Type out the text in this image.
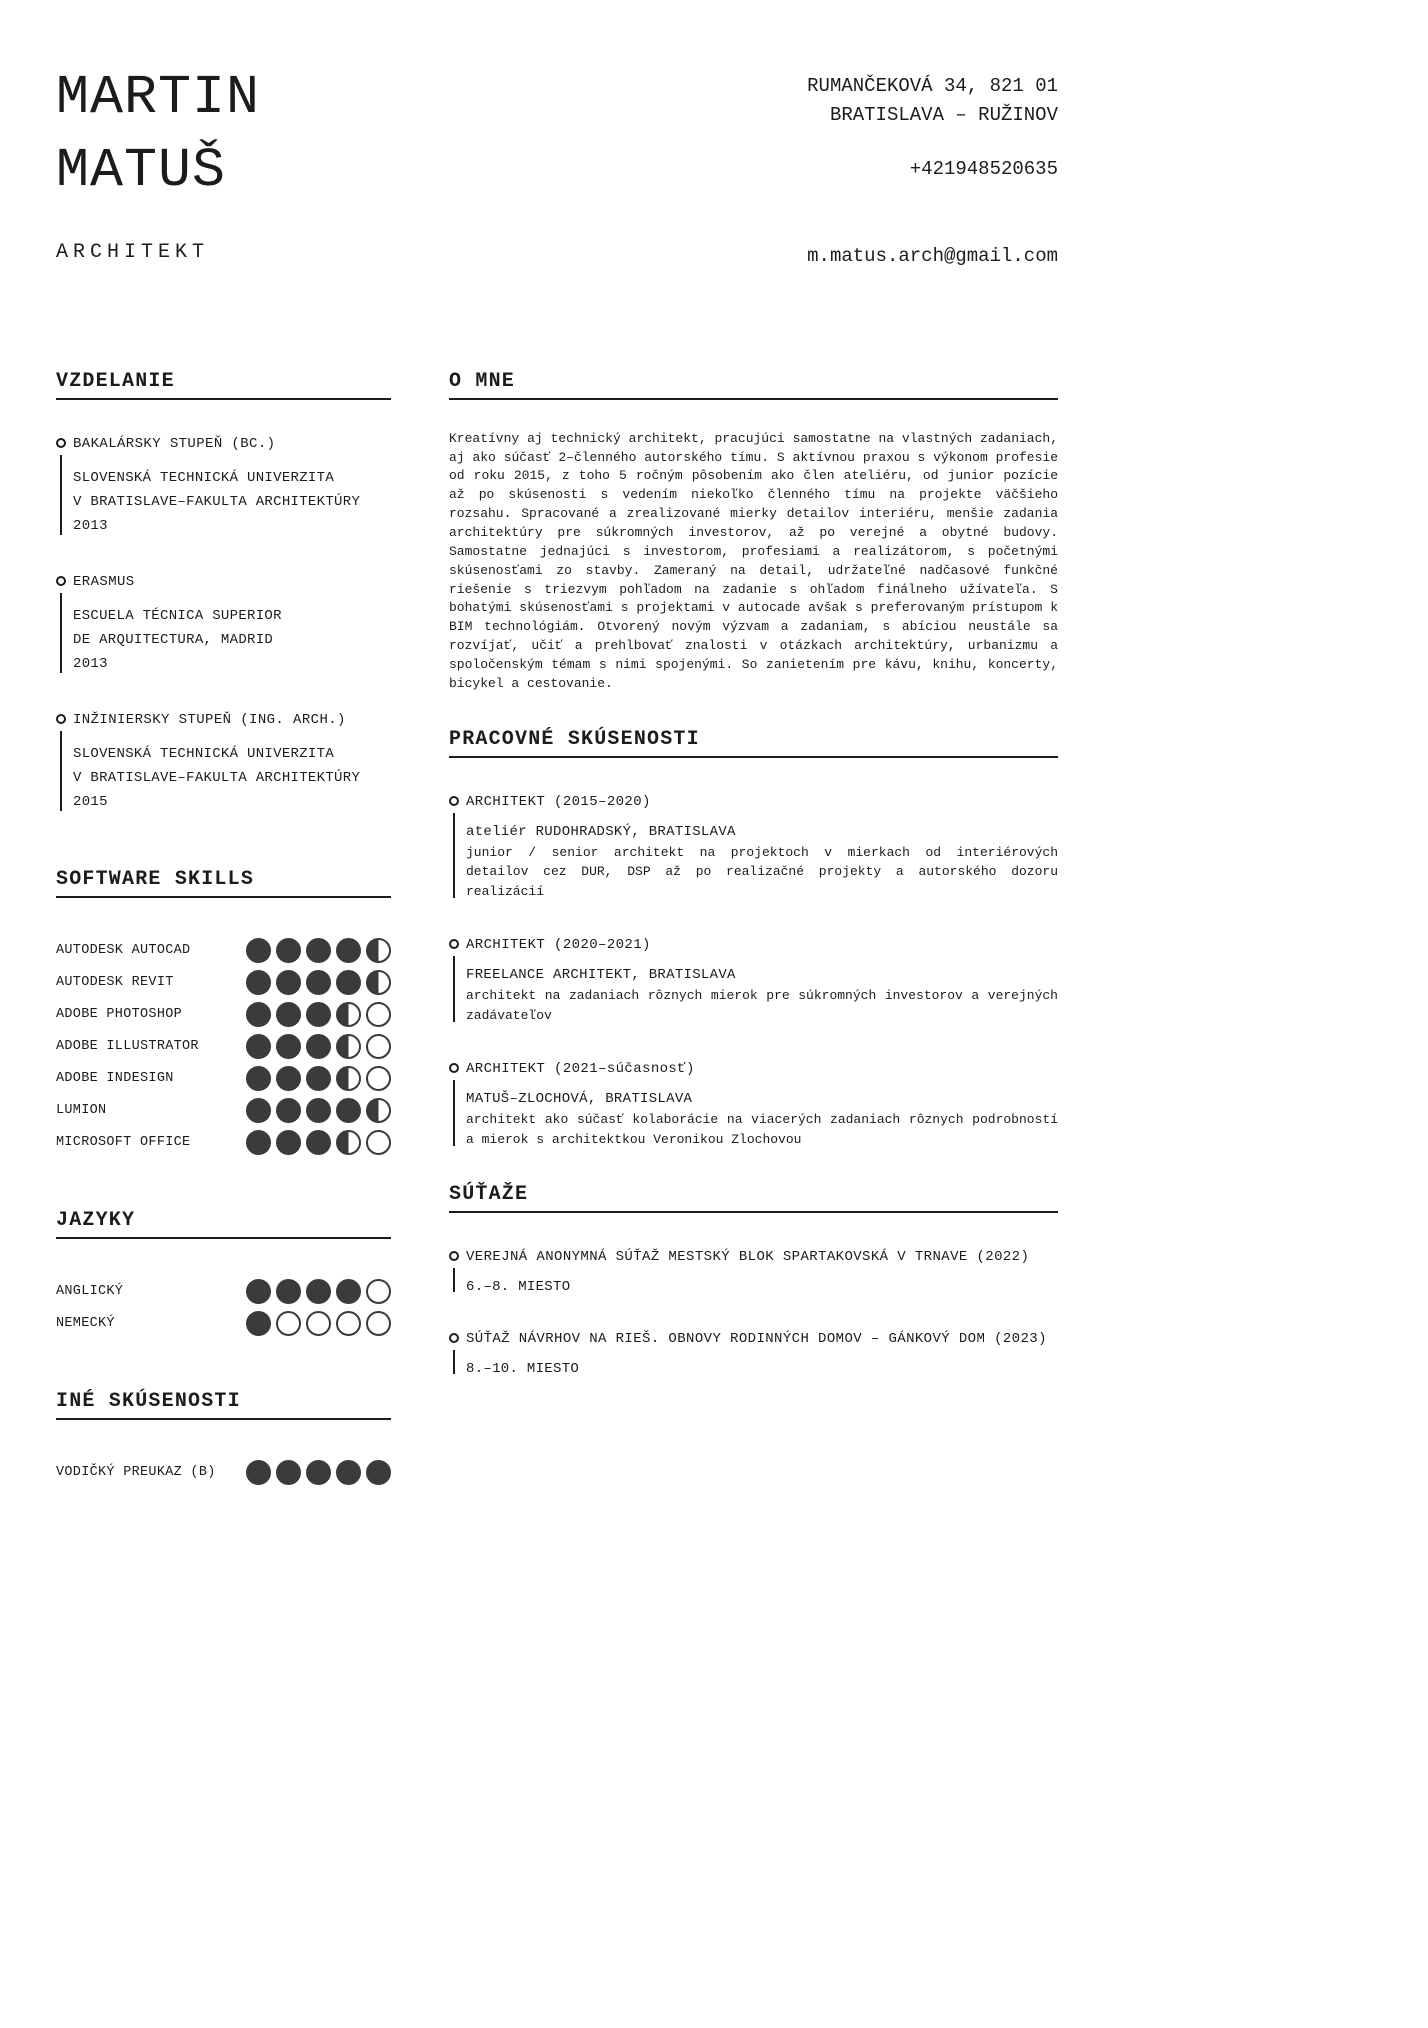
MARTIN
MATUŠ
ARCHITEKT
RUMANČEKOVÁ 34, 821 01
BRATISLAVA – RUŽINOV
+421948520635
m.matus.arch@gmail.com
VZDELANIE
BAKALÁRSKY STUPEŇ (BC.)
SLOVENSKÁ TECHNICKÁ UNIVERZITA
V BRATISLAVE–FAKULTA ARCHITEKTÚRY
2013
ERASMUS
ESCUELA TÉCNICA SUPERIOR
DE ARQUITECTURA, MADRID
2013
INŽINIERSKY STUPEŇ (ING. ARCH.)
SLOVENSKÁ TECHNICKÁ UNIVERZITA
V BRATISLAVE–FAKULTA ARCHITEKTÚRY
2015
SOFTWARE SKILLS
AUTODESK AUTOCAD
AUTODESK REVIT
ADOBE PHOTOSHOP
ADOBE ILLUSTRATOR
ADOBE INDESIGN
LUMION
MICROSOFT OFFICE
JAZYKY
ANGLICKÝ
NEMECKÝ
INÉ SKÚSENOSTI
VODIČKÝ PREUKAZ (B)
O MNE

Kreatívny aj technický architekt, pracujúci samostatne na vlastných zadaniach, aj ako súčasť 2–členného autorského tímu. S aktívnou praxou s výkonom profesie od roku 2015, z toho 5 ročným pôsobením ako člen ateliéru, od junior pozície až po skúsenosti s vedením niekoľko členného tímu na projekte väčšieho rozsahu. Spracované a zrealizované mierky detailov interiéru, menšie zadania architektúry pre súkromných investorov, až po verejné a obytné budovy. Samostatne jednajúci s investorom, profesiami a realizátorom, s početnými skúsenosťami zo stavby. Zameraný na detail, udržateľné nadčasové funkčné riešenie s triezvym pohľadom na zadanie s ohľadom finálneho užívateľa. S bohatými skúsenosťami s projektami v autocade avšak s preferovaným prístupom k BIM technológiám. Otvorený novým výzvam a zadaniam, s abíciou neustále sa rozvíjať, učiť a prehlbovať znalosti v otázkach architektúry, urbanizmu a spoločenským témam s nimi spojenými. So zanietením pre kávu, knihu, koncerty, bicykel a cestovanie.

PRACOVNÉ SKÚSENOSTI
ARCHITEKT (2015–2020)
ateliér RUDOHRADSKÝ, BRATISLAVA
junior / senior architekt na projektoch v mierkach od interiérových detailov cez DUR, DSP až po realizačné projekty a autorského dozoru realizácií
ARCHITEKT (2020–2021)
FREELANCE ARCHITEKT, BRATISLAVA
architekt na zadaniach rôznych mierok pre súkromných investorov a verejných zadávateľov
ARCHITEKT (2021–súčasnosť)
MATUŠ–ZLOCHOVÁ, BRATISLAVA
architekt ako súčasť kolaborácie na viacerých zadaniach rôznych podrobností a mierok s architektkou Veronikou Zlochovou
SÚŤAŽE
VEREJNÁ ANONYMNÁ SÚŤAŽ MESTSKÝ BLOK SPARTAKOVSKÁ V TRNAVE (2022)
6.–8. MIESTO
SÚŤAŽ NÁVRHOV NA RIEŠ. OBNOVY RODINNÝCH DOMOV – GÁNKOVÝ DOM (2023)
8.–10. MIESTO
